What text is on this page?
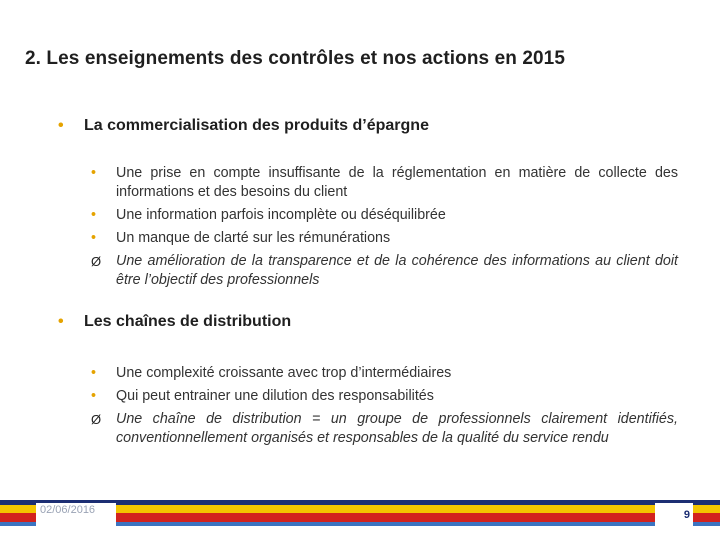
2. Les enseignements des contrôles et nos actions en 2015
•	La commercialisation des produits d’épargne
•	Une prise en compte insuffisante de la réglementation en matière de collecte des informations et des besoins du client
•	Une information parfois incomplète ou déséquilibrée
•	Un manque de clarté sur les rémunérations
Ø	Une amélioration de la transparence et de la cohérence des informations au client doit être l’objectif des professionnels
•	Les chaînes de distribution
•	Une complexité croissante avec trop d’intermédiaires
•	Qui peut entrainer une dilution des responsabilités
Ø	Une chaîne de distribution = un groupe de professionnels clairement identifiés, conventionnellement organisés et responsables de la qualité du service rendu
02/06/2016	9
